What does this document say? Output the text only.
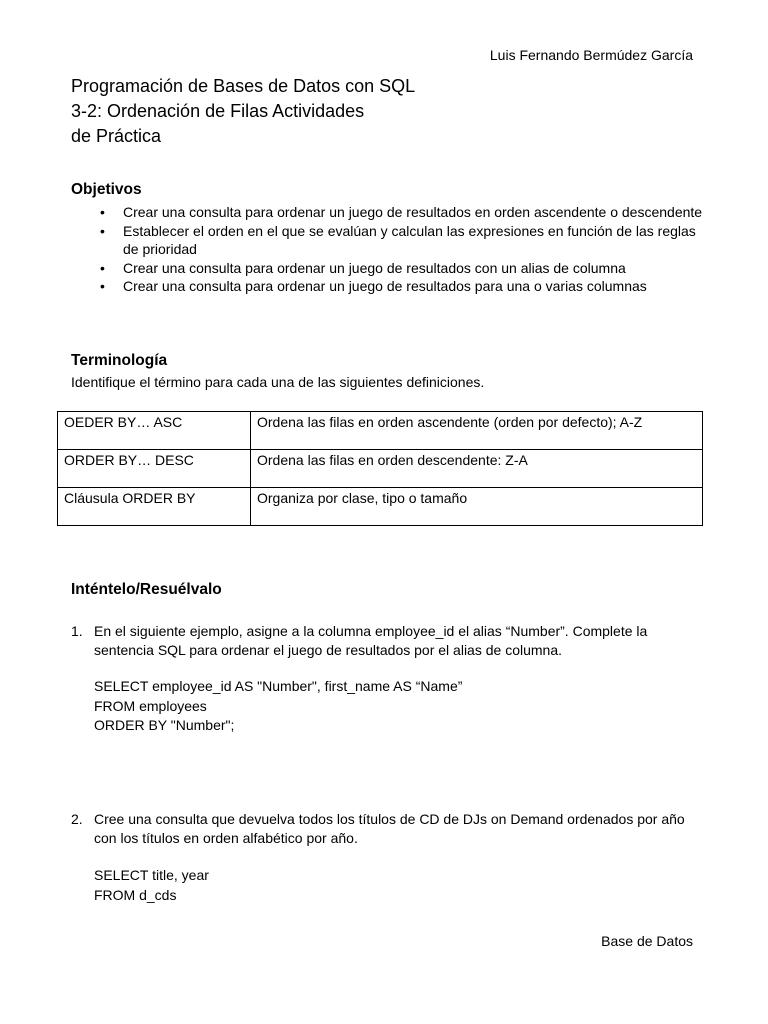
Luis Fernando Bermúdez García
Programación de Bases de Datos con SQL
3-2: Ordenación de Filas Actividades
de Práctica
Objetivos
• Crear una consulta para ordenar un juego de resultados en orden ascendente o descendente
• Establecer el orden en el que se evalúan y calculan las expresiones en función de las reglas de prioridad
• Crear una consulta para ordenar un juego de resultados con un alias de columna
• Crear una consulta para ordenar un juego de resultados para una o varias columnas
Terminología
Identifique el término para cada una de las siguientes definiciones.
OEDER BY… ASC	Ordena las filas en orden ascendente (orden por defecto); A-Z
ORDER BY… DESC	Ordena las filas en orden descendente: Z-A
Cláusula ORDER BY	Organiza por clase, tipo o tamaño
Inténtelo/Resuélvalo
1. En el siguiente ejemplo, asigne a la columna employee_id el alias “Number”. Complete la sentencia SQL para ordenar el juego de resultados por el alias de columna.
SELECT employee_id AS "Number", first_name AS “Name”
FROM employees
ORDER BY "Number";
2. Cree una consulta que devuelva todos los títulos de CD de DJs on Demand ordenados por año con los títulos en orden alfabético por año.
SELECT title, year
FROM d_cds
Base de Datos
